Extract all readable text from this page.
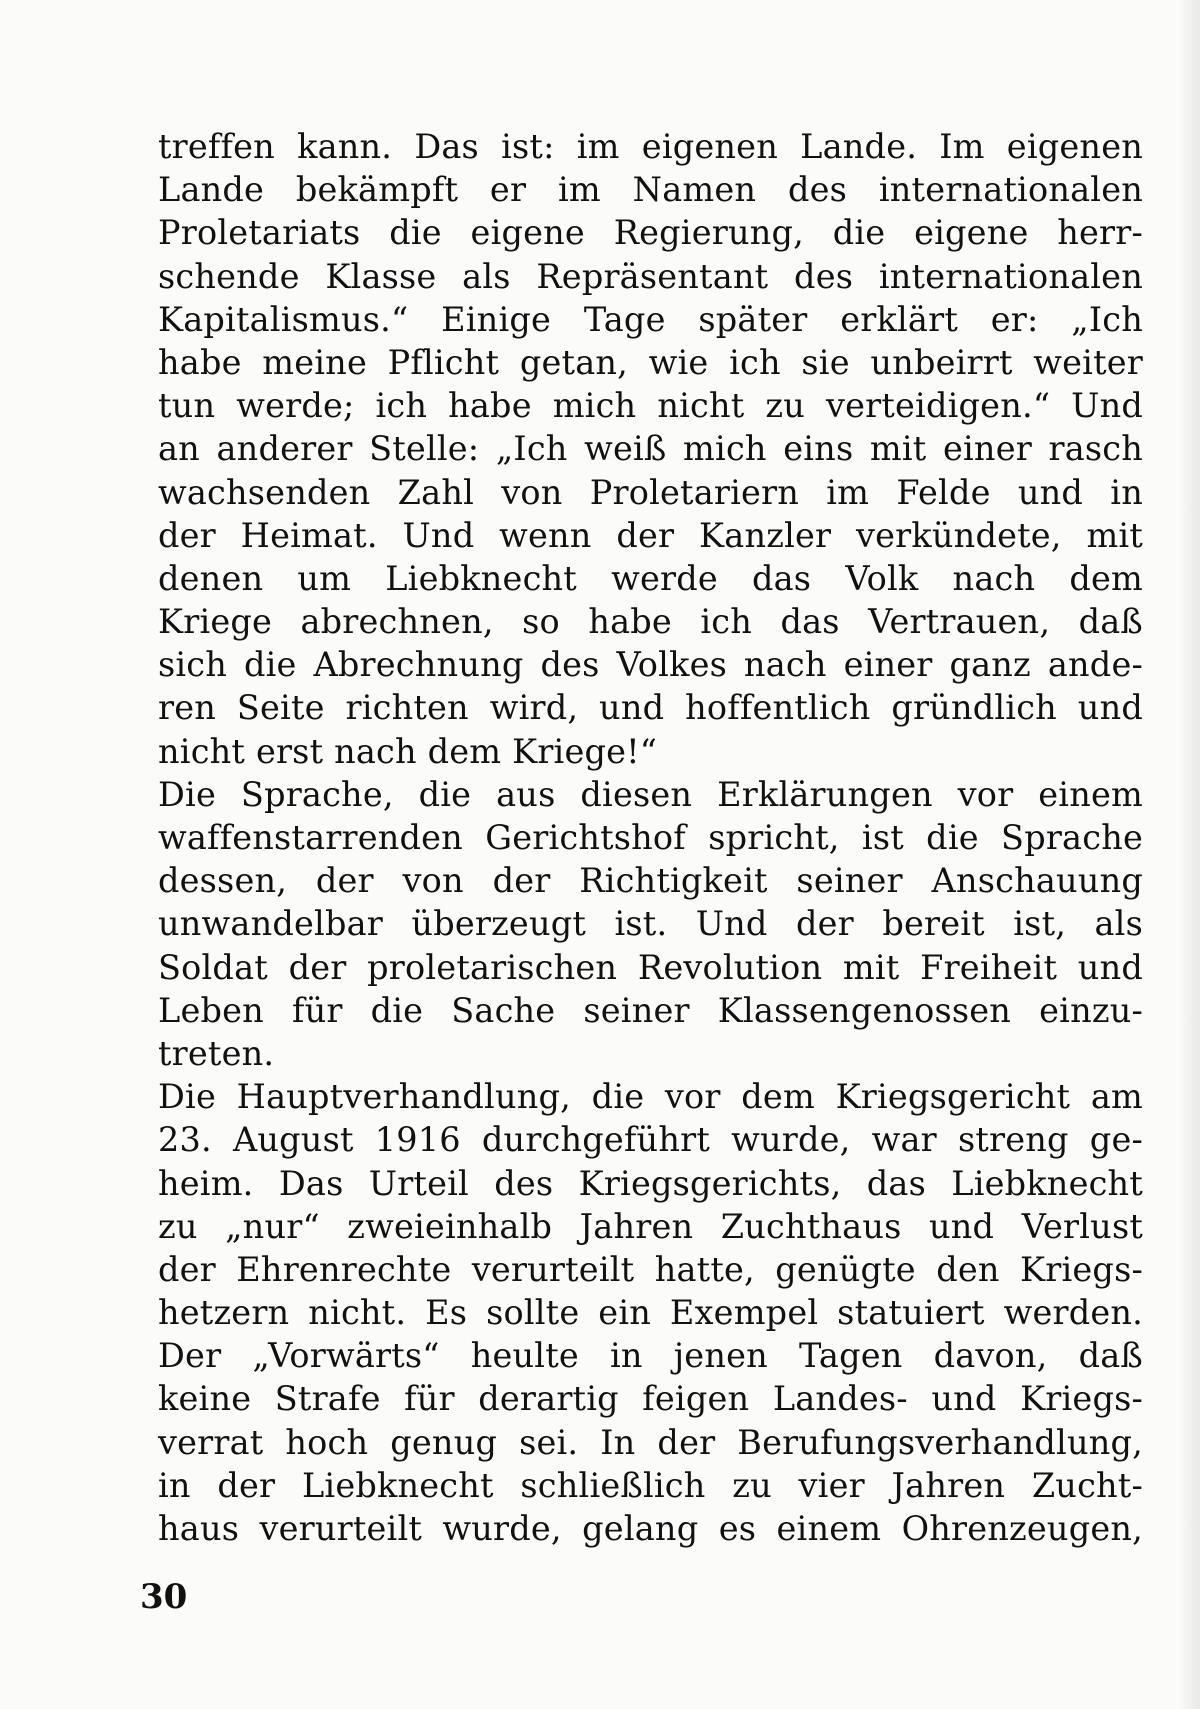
treffen kann. Das ist: im eigenen Lande. Im eigenen
Lande bekämpft er im Namen des internationalen
Proletariats die eigene Regierung, die eigene herr-
schende Klasse als Repräsentant des internationalen
Kapitalismus.“ Einige Tage später erklärt er: „Ich
habe meine Pflicht getan, wie ich sie unbeirrt weiter
tun werde; ich habe mich nicht zu verteidigen.“ Und
an anderer Stelle: „Ich weiß mich eins mit einer rasch
wachsenden Zahl von Proletariern im Felde und in
der Heimat. Und wenn der Kanzler verkündete, mit
denen um Liebknecht werde das Volk nach dem
Kriege abrechnen, so habe ich das Vertrauen, daß
sich die Abrechnung des Volkes nach einer ganz ande-
ren Seite richten wird, und hoffentlich gründlich und
nicht erst nach dem Kriege!“
Die Sprache, die aus diesen Erklärungen vor einem
waffenstarrenden Gerichtshof spricht, ist die Sprache
dessen, der von der Richtigkeit seiner Anschauung
unwandelbar überzeugt ist. Und der bereit ist, als
Soldat der proletarischen Revolution mit Freiheit und
Leben für die Sache seiner Klassengenossen einzu-
treten.
Die Hauptverhandlung, die vor dem Kriegsgericht am
23. August 1916 durchgeführt wurde, war streng ge-
heim. Das Urteil des Kriegsgerichts, das Liebknecht
zu „nur“ zweieinhalb Jahren Zuchthaus und Verlust
der Ehrenrechte verurteilt hatte, genügte den Kriegs-
hetzern nicht. Es sollte ein Exempel statuiert werden.
Der „Vorwärts“ heulte in jenen Tagen davon, daß
keine Strafe für derartig feigen Landes- und Kriegs-
verrat hoch genug sei. In der Berufungsverhandlung,
in der Liebknecht schließlich zu vier Jahren Zucht-
haus verurteilt wurde, gelang es einem Ohrenzeugen,
30
